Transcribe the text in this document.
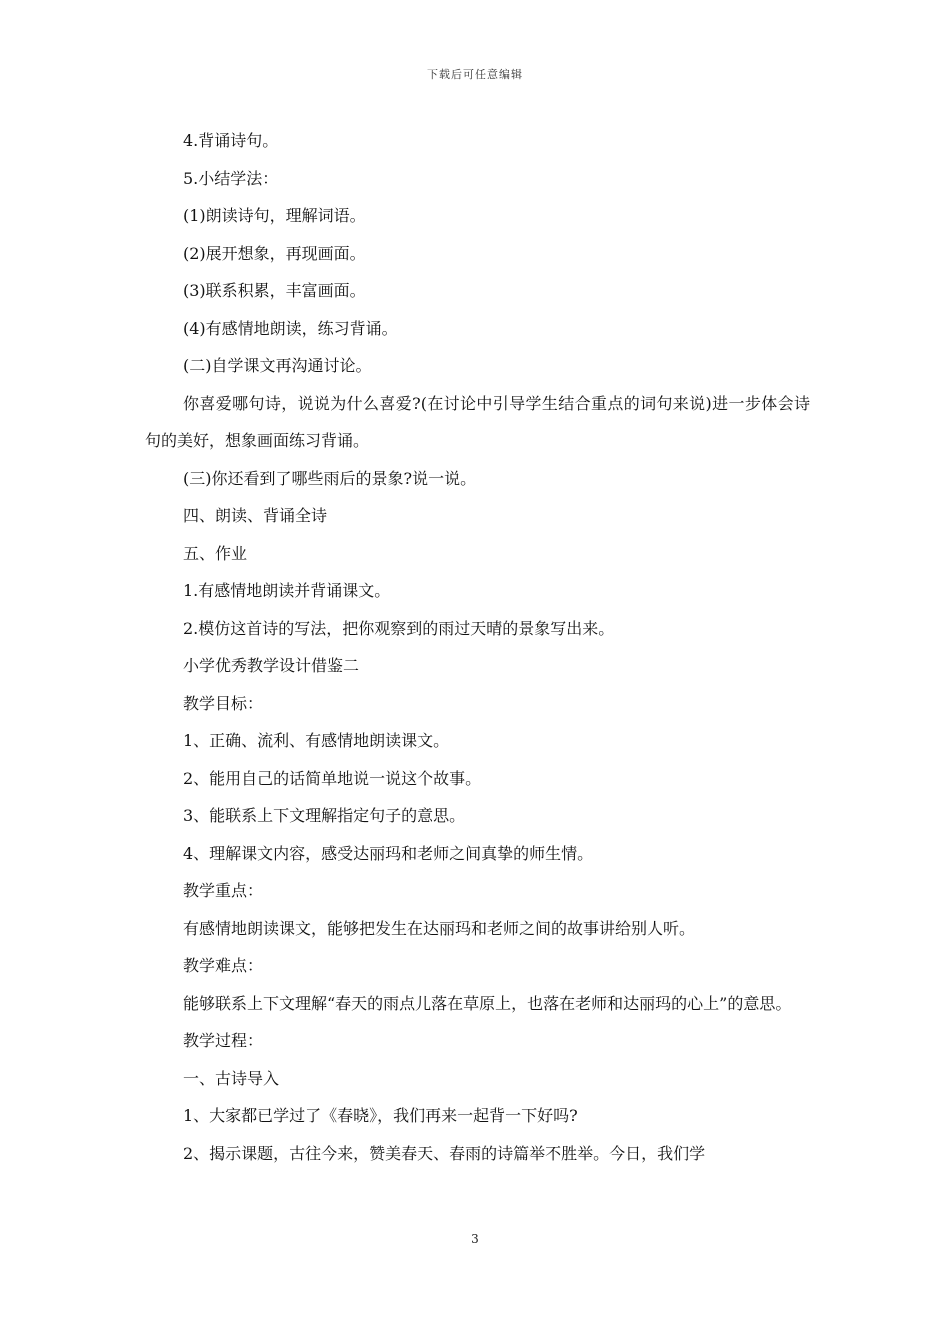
下载后可任意编辑

4.背诵诗句。

5.小结学法：

(1)朗读诗句，理解词语。

(2)展开想象，再现画面。

(3)联系积累，丰富画面。

(4)有感情地朗读，练习背诵。

(二)自学课文再沟通讨论。

你喜爱哪句诗，说说为什么喜爱?(在讨论中引导学生结合重点的词句来说)进一步体会诗句的美好，想象画面练习背诵。

(三)你还看到了哪些雨后的景象?说一说。

四、朗读、背诵全诗

五、作业

1.有感情地朗读并背诵课文。

2.模仿这首诗的写法，把你观察到的雨过天晴的景象写出来。

小学优秀教学设计借鉴二

教学目标：

1、正确、流利、有感情地朗读课文。

2、能用自己的话简单地说一说这个故事。

3、能联系上下文理解指定句子的意思。

4、理解课文内容，感受达丽玛和老师之间真挚的师生情。

教学重点：

有感情地朗读课文，能够把发生在达丽玛和老师之间的故事讲给别人听。

教学难点：

能够联系上下文理解“春天的雨点儿落在草原上，也落在老师和达丽玛的心上”的意思。

教学过程：

一、古诗导入

1、大家都已学过了《春晓》，我们再来一起背一下好吗?

2、揭示课题，古往今来，赞美春天、春雨的诗篇举不胜举。今日，我们学

3
